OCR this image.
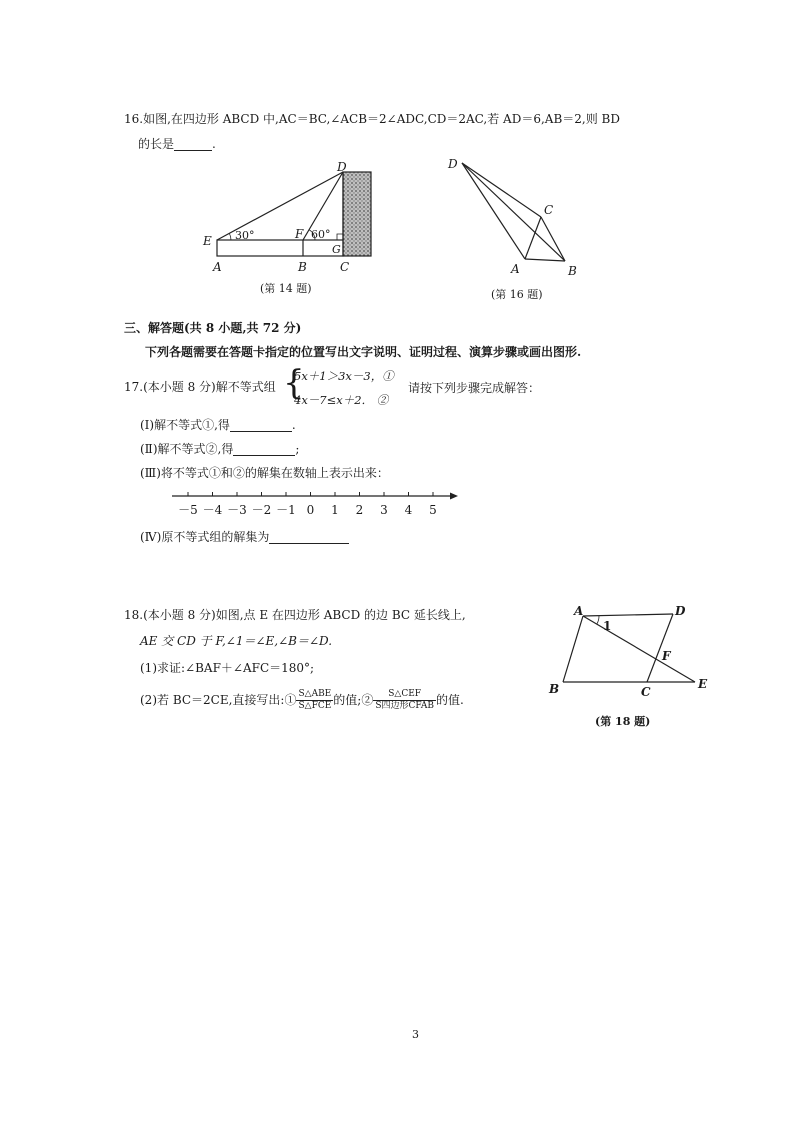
16.如图,在四边形 ABCD 中,AC＝BC,∠ACB＝2∠ADC,CD＝2AC,若 AD＝6,AB＝2,则 BD
的长是	.
D
E	F
G
A	B	C
30°	60°
(第 14 题)
D
C
A	B
(第 16 题)
三、解答题(共 8 小题,共 72 分)
下列各题需要在答题卡指定的位置写出文字说明、证明过程、演算步骤或画出图形.
17.(本小题 8 分)解不等式组 {
5x＋1＞3x－3，①
4x－7≤x＋2． ②
请按下列步骤完成解答：
(Ⅰ)解不等式①,得	.
(Ⅱ)解不等式②,得	;
(Ⅲ)将不等式①和②的解集在数轴上表示出来：
－5 －4 －3 －2 －1 0 1 2 3 4 5
(Ⅳ)原不等式组的解集为
18.(本小题 8 分)如图,点 E 在四边形 ABCD 的边 BC 延长线上,
AE 交 CD 于 F,∠1＝∠E,∠B＝∠D.
(1)求证:∠BAF＋∠AFC＝180°;
(2)若 BC＝2CE,直接写出:① $\frac{\text{S△ABE}}{\text{S△FCE}}$ 的值;② $\frac{\text{S△CEF}}{\text{S四边形CFAB}}$ 的值.
A	D
1
F
B	C
E
(第 18 题)
3
